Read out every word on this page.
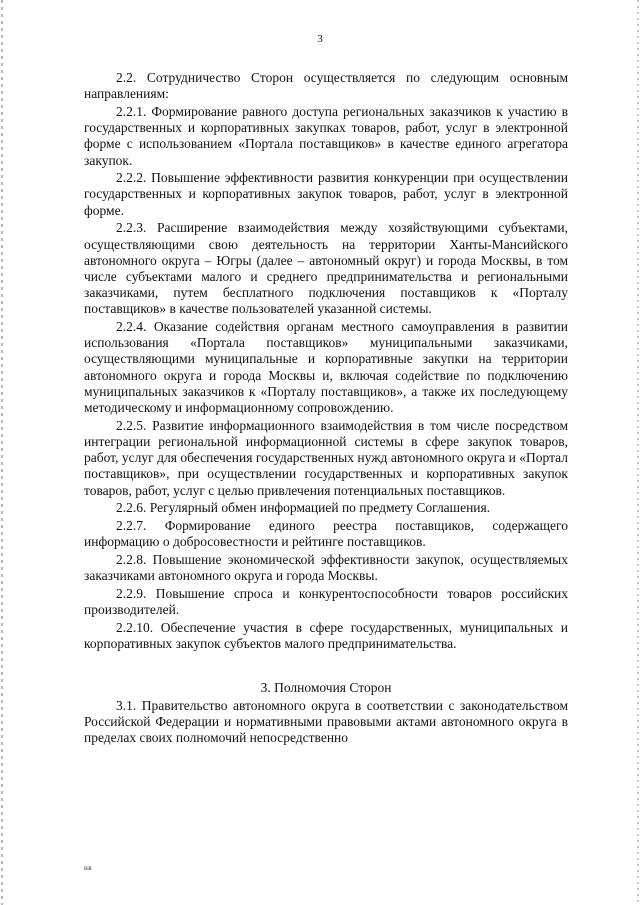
3

2.2. Сотрудничество Сторон осуществляется по следующим основным направлениям:

2.2.1. Формирование равного доступа региональных заказчиков к участию в государственных и корпоративных закупках товаров, работ, услуг в электронной форме с использованием «Портала поставщиков» в качестве единого агрегатора закупок.

2.2.2. Повышение эффективности развития конкуренции при осуществлении государственных и корпоративных закупок товаров, работ, услуг в электронной форме.

2.2.3. Расширение взаимодействия между хозяйствующими субъектами, осуществляющими свою деятельность на территории Ханты-Мансийского автономного округа – Югры (далее – автономный округ) и города Москвы, в том числе субъектами малого и среднего предпринимательства и региональными заказчиками, путем бесплатного подключения поставщиков к «Порталу поставщиков» в качестве пользователей указанной системы.

2.2.4. Оказание содействия органам местного самоуправления в развитии использования «Портала поставщиков» муниципальными заказчиками, осуществляющими муниципальные и корпоративные закупки на территории автономного округа и города Москвы и, включая содействие по подключению муниципальных заказчиков к «Порталу поставщиков», а также их последующему методическому и информационному сопровождению.

2.2.5. Развитие информационного взаимодействия в том числе посредством интеграции региональной информационной системы в сфере закупок товаров, работ, услуг для обеспечения государственных нужд автономного округа и «Портал поставщиков», при осуществлении государственных и корпоративных закупок товаров, работ, услуг с целью привлечения потенциальных поставщиков.

2.2.6. Регулярный обмен информацией по предмету Соглашения.

2.2.7. Формирование единого реестра поставщиков, содержащего информацию о добросовестности и рейтинге поставщиков.

2.2.8. Повышение экономической эффективности закупок, осуществляемых заказчиками автономного округа и города Москвы.

2.2.9. Повышение спроса и конкурентоспособности товаров российских производителей.

2.2.10. Обеспечение участия в сфере государственных, муниципальных и корпоративных закупок субъектов малого предпринимательства.

3. Полномочия Сторон

3.1. Правительство автономного округа в соответствии с законодательством Российской Федерации и нормативными правовыми актами автономного округа в пределах своих полномочий непосредственно

нв
